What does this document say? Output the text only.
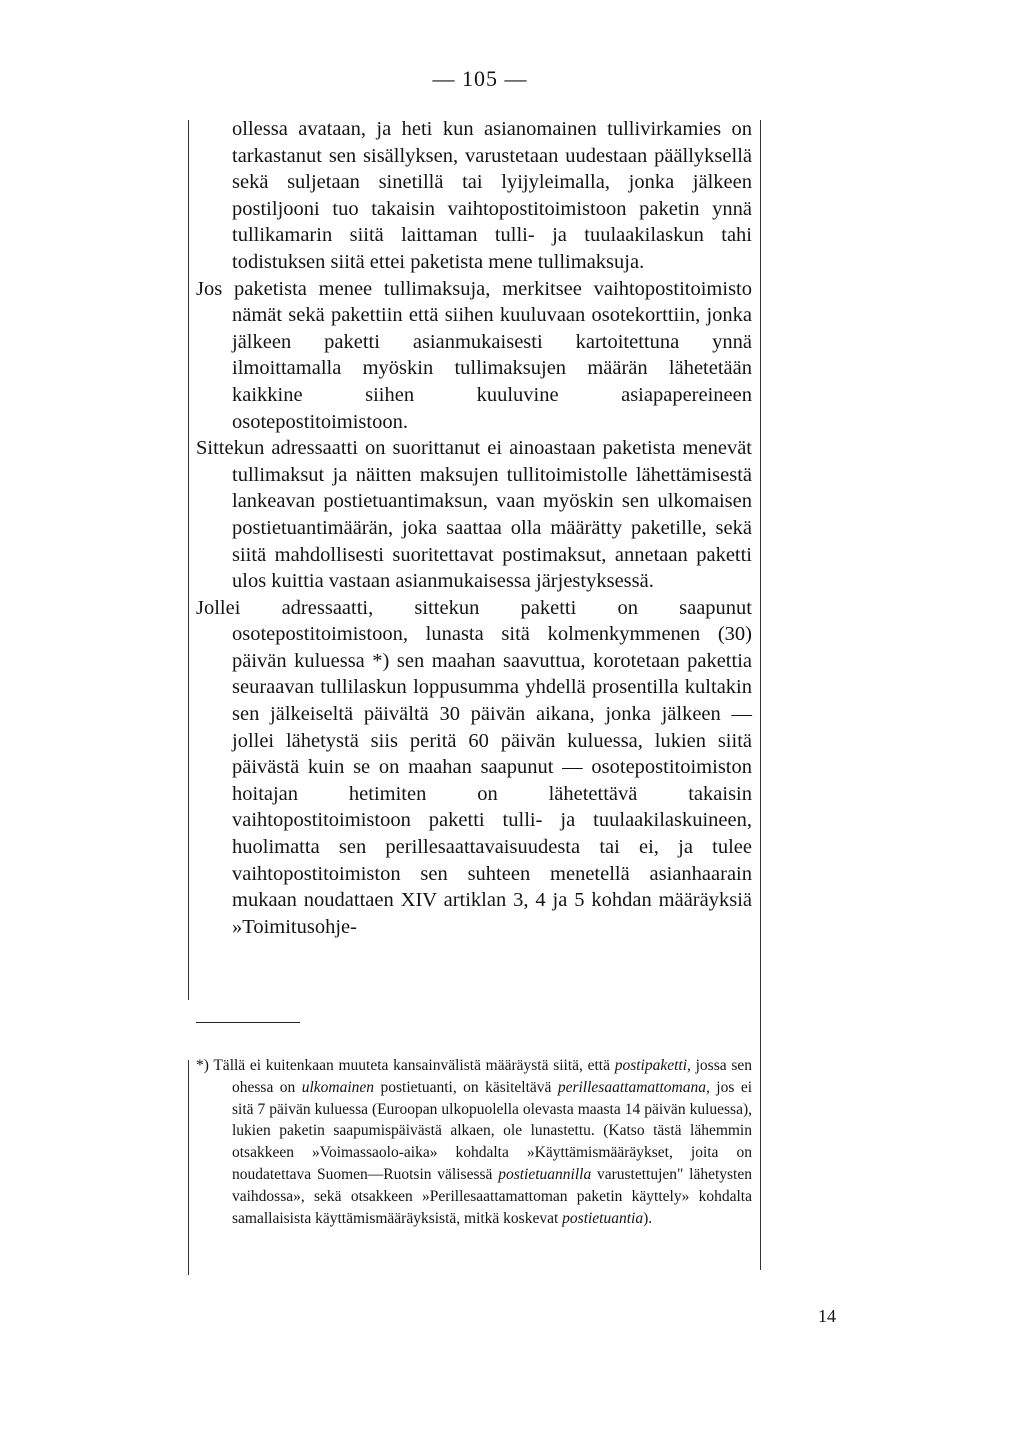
— 105 —

ollessa avataan, ja heti kun asianomainen tullivirkamies on tarkastanut sen sisällyksen, varustetaan uudestaan päällyksellä sekä suljetaan sinetillä tai lyijyleimalla, jonka jälkeen postiljooni tuo takaisin vaihtopostitoimistoon paketin ynnä tullikamarin siitä laittaman tulli- ja tuulaakilaskun tahi todistuksen siitä ettei paketista mene tullimaksuja.

Jos paketista menee tullimaksuja, merkitsee vaihtopostitoimisto nämät sekä pakettiin että siihen kuuluvaan osotekorttiin, jonka jälkeen paketti asianmukaisesti kartoitettuna ynnä ilmoittamalla myöskin tullimaksujen määrän lähetetään kaikkine siihen kuuluvine asiapapereineen osotepostitoimistoon.

Sittekun adressaatti on suorittanut ei ainoastaan paketista menevät tullimaksut ja näitten maksujen tullitoimistolle lähettämisestä lankeavan postietuantimaksun, vaan myöskin sen ulkomaisen postietuantimäärän, joka saattaa olla määrätty paketille, sekä siitä mahdollisesti suoritettavat postimaksut, annetaan paketti ulos kuittia vastaan asianmukaisessa järjestyksessä.

Jollei adressaatti, sittekun paketti on saapunut osotepostitoimistoon, lunasta sitä kolmenkymmenen (30) päivän kuluessa *) sen maahan saavuttua, korotetaan pakettia seuraavan tullilaskun loppusumma yhdellä prosentilla kultakin sen jälkeiseltä päivältä 30 päivän aikana, jonka jälkeen — jollei lähetystä siis peritä 60 päivän kuluessa, lukien siitä päivästä kuin se on maahan saapunut — osotepostitoimiston hoitajan hetimiten on lähetettävä takaisin vaihtopostitoimistoon paketti tulli- ja tuulaakilaskuineen, huolimatta sen perillesaattavaisuudesta tai ei, ja tulee vaihtopostitoimiston sen suhteen menetellä asianhaarain mukaan noudattaen XIV artiklan 3, 4 ja 5 kohdan määräyksiä »Toimitusohje-

*) Tällä ei kuitenkaan muuteta kansainvälistä määräystä siitä, että postipaketti, jossa sen ohessa on ulkomainen postietuanti, on käsiteltävä perillesaattamattomana, jos ei sitä 7 päivän kuluessa (Euroopan ulkopuolella olevasta maasta 14 päivän kuluessa), lukien paketin saapumispäivästä alkaen, ole lunastettu. (Katso tästä lähemmin otsakkeen »Voimassaolo-aika» kohdalta »Käyttämismääräykset, joita on noudatettava Suomen—Ruotsin välisessä postietuannilla varustettujen" lähetysten vaihdossa», sekä otsakkeen »Perillesaattamattoman paketin käyttely» kohdalta samallaisista käyttämismääräyksistä, mitkä koskevat postietuantia).
14
